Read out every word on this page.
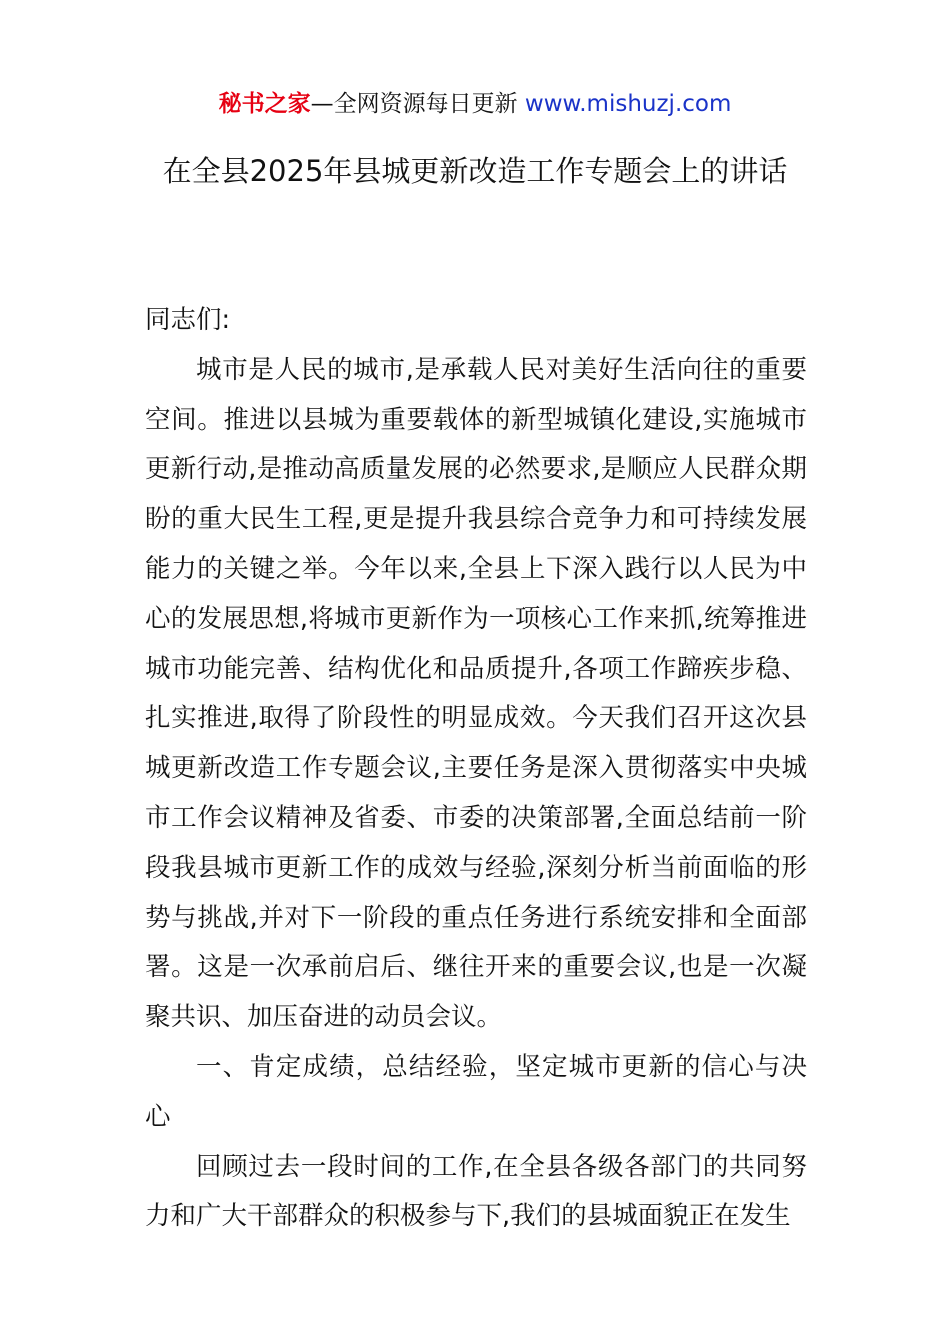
秘书之家—全网资源每日更新 www.mishuzj.com
在全县2025年县城更新改造工作专题会上的讲话

同志们:

城市是人民的城市,是承载人民对美好生活向往的重要空间。推进以县城为重要载体的新型城镇化建设,实施城市更新行动,是推动高质量发展的必然要求,是顺应人民群众期盼的重大民生工程,更是提升我县综合竞争力和可持续发展能力的关键之举。今年以来,全县上下深入践行以人民为中心的发展思想,将城市更新作为一项核心工作来抓,统筹推进城市功能完善、结构优化和品质提升,各项工作蹄疾步稳、扎实推进,取得了阶段性的明显成效。今天我们召开这次县城更新改造工作专题会议,主要任务是深入贯彻落实中央城市工作会议精神及省委、市委的决策部署,全面总结前一阶段我县城市更新工作的成效与经验,深刻分析当前面临的形势与挑战,并对下一阶段的重点任务进行系统安排和全面部署。这是一次承前启后、继往开来的重要会议,也是一次凝聚共识、加压奋进的动员会议。

一、肯定成绩，总结经验，坚定城市更新的信心与决心

回顾过去一段时间的工作,在全县各级各部门的共同努力和广大干部群众的积极参与下,我们的县城面貌正在发生
